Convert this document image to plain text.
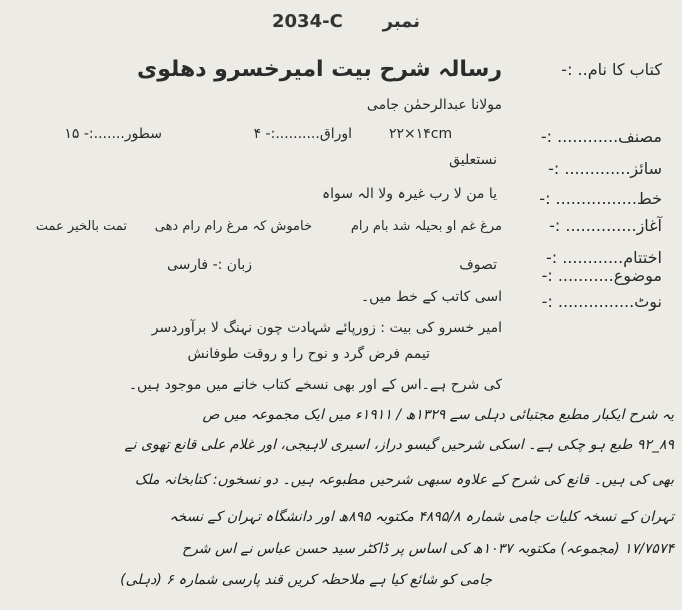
نمبر
2034-C
کتاب کا نام.. :-
مصنف............ :-
سائز............. :-
خط................ :-
آغاز.............. :-
اختتام............ :-
موضوع........... :-
نوٹ............... :-
رسالہ شرح بیت امیرخسرو دھلوی
مولانا عبدالرحمٰن جامی
۲۲×۱۴cm
اوراق..........:- ۴
سطور.......:- ۱۵
نستعلیق
یا من لا رب غیرہ ولا الہ سواہ
مرغ غم او بحیلہ شد بام رام
خاموش کہ مرغ رام رام دھی
تمت بالخیر عمت
تصوف
زبان :- فارسی
اسی کاتب کے خط میں۔
امیر خسرو کی بیت : زورپائے شہادت چون نہنگ لا برآوردسر
تیمم فرض گرد و نوح را و روقت طوفانش
کی شرح ہے۔اس کے اور بھی نسخے کتاب خانے میں موجود ہیں۔
یہ شرح ایکبار مطبع مجتبائی دہلی سے ۱۳۲۹ھ / ۱۹۱۱ء میں ایک مجموعہ میں ص
۸۹_۹۲ طبع ہو چکی ہے۔ اسکی شرحیں گیسو دراز، اسیری لاہیجی، اور غلام علی قانع تھوی نے
بھی کی ہیں۔ قانع کی شرح کے علاوہ سبھی شرحیں مطبوعہ ہیں۔ دو نسخوں: کتابخانہ ملک
تہران کے نسخہ کلیات جامی شمارہ ۴۸۹۵/۸ مکتوبہ ۸۹۵ھ اور دانشگاہ تہران کے نسخہ
۱۷/۷۵۷۴ (مجموعہ) مکتوبہ ۱۰۳۷ھ کی اساس پر ڈاکٹر سید حسن عباس نے اس شرح
جامی کو شائع کیا ہے ملاحظہ کریں قند پارسی شمارہ ۶ (دہلی)
